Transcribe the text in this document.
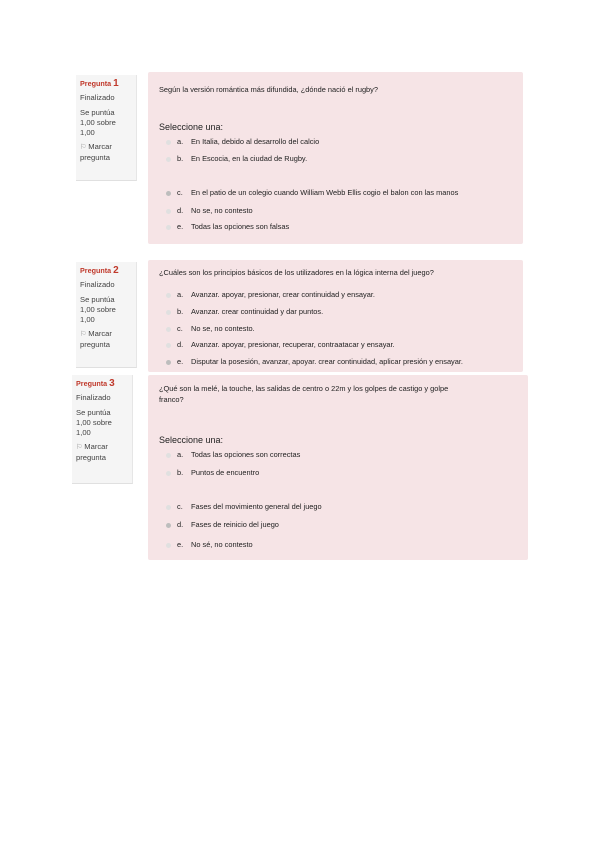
Pregunta 1
Finalizado
Se puntúa
1,00 sobre
1,00
⚐ Marcar
pregunta
Según la versión romántica más difundida, ¿dónde nació el rugby?
Seleccione una:
a. En Italia, debido al desarrollo del calcio
b. En Escocia, en la ciudad de Rugby.
c. En el patio de un colegio cuando William Webb Ellis cogio el balon con las manos
d. No se, no contesto
e. Todas las opciones son falsas
Pregunta 2
Finalizado
Se puntúa
1,00 sobre
1,00
⚐ Marcar
pregunta
¿Cuáles son los principios básicos de los utilizadores en la lógica interna del juego?
a. Avanzar. apoyar, presionar, crear continuidad y ensayar.
b. Avanzar. crear continuidad y dar puntos.
c. No se, no contesto.
d. Avanzar. apoyar, presionar, recuperar, contraatacar y ensayar.
e. Disputar la posesión, avanzar, apoyar. crear continuidad, aplicar presión y ensayar.
Pregunta 3
Finalizado
Se puntúa
1,00 sobre
1,00
⚐ Marcar
pregunta
¿Qué son la melé, la touche, las salidas de centro o 22m y los golpes de castigo y golpe
franco?
Seleccione una:
a. Todas las opciones son correctas
b. Puntos de encuentro
c. Fases del movimiento general del juego
d. Fases de reinicio del juego
e. No sé, no contesto
